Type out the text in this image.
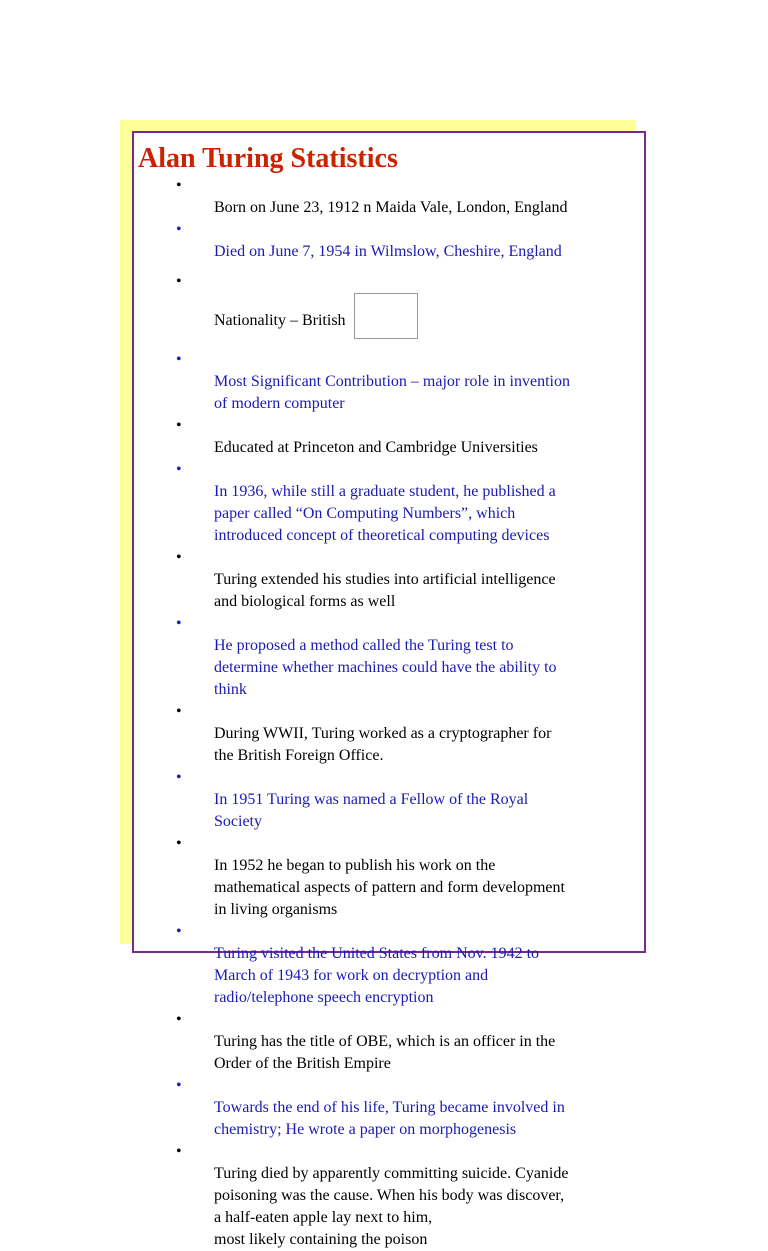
Alan Turing Statistics

•
Born on June 23, 1912 n Maida Vale, London, England

•
Died on June 7, 1954 in Wilmslow, Cheshire, England

•
Nationality – British

•
Most Significant Contribution – major role in invention
of modern computer

•
Educated at Princeton and Cambridge Universities

•
In 1936, while still a graduate student, he published a
paper called “On Computing Numbers”, which
introduced concept of theoretical computing devices

•
Turing extended his studies into artificial intelligence
and biological forms as well

•
He proposed a method called the Turing test to
determine whether machines could have the ability to
think

•
During WWII, Turing worked as a cryptographer for
the British Foreign Office.

•
In 1951 Turing was named a Fellow of the Royal
Society

•
In 1952 he began to publish his work on the
mathematical aspects of pattern and form development
in living organisms

•
Turing visited the United States from Nov. 1942 to
March of 1943 for work on decryption and
radio/telephone speech encryption

•
Turing has the title of OBE, which is an officer in the
Order of the British Empire

•
Towards the end of his life, Turing became involved in
chemistry; He wrote a paper on morphogenesis

•
Turing died by apparently committing suicide. Cyanide
poisoning was the cause. When his body was discover,
a half-eaten apple lay next to him,
most likely containing the poison
